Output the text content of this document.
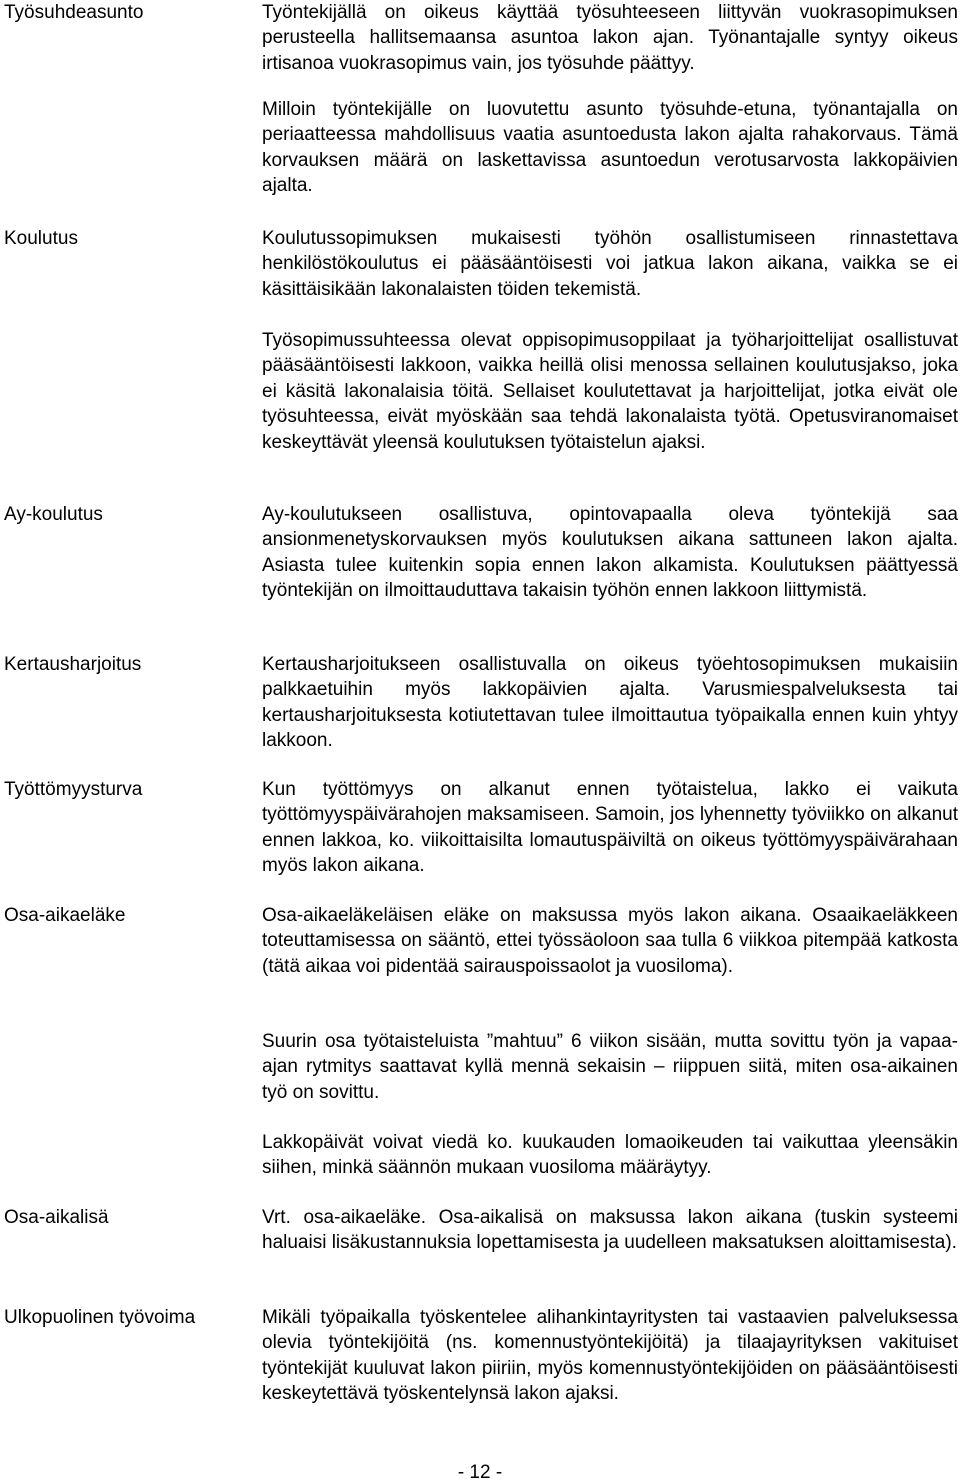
Työsuhdeasunto	Työntekijällä on oikeus käyttää työsuhteeseen liittyvän vuokrasopimuksen perusteella hallitsemaansa asuntoa lakon ajan. Työnantajalle syntyy oikeus irtisanoa vuokrasopimus vain, jos työsuhde päättyy.

Milloin työntekijälle on luovutettu asunto työsuhde-etuna, työnantajalla on periaatteessa mahdollisuus vaatia asuntoedusta lakon ajalta rahakorvaus. Tämä korvauksen määrä on laskettavissa asuntoedun verotusarvosta lakkopäivien ajalta.

Koulutus	Koulutussopimuksen mukaisesti työhön osallistumiseen rinnastettava henkilöstökoulutus ei pääsääntöisesti voi jatkua lakon aikana, vaikka se ei käsittäisikään lakonalaisten töiden tekemistä.

Työsopimussuhteessa olevat oppisopimusoppilaat ja työharjoittelijat osallistuvat pääsääntöisesti lakkoon, vaikka heillä olisi menossa sellainen koulutusjakso, joka ei käsitä lakonalaisia töitä. Sellaiset koulutettavat ja harjoittelijat, jotka eivät ole työsuhteessa, eivät myöskään saa tehdä lakonalaista työtä. Opetusviranomaiset keskeyttävät yleensä koulutuksen työtaistelun ajaksi.

Ay-koulutus	Ay-koulutukseen osallistuva, opintovapaalla oleva työntekijä saa ansionmenetyskorvauksen myös koulutuksen aikana sattuneen lakon ajalta. Asiasta tulee kuitenkin sopia ennen lakon alkamista. Koulutuksen päättyessä työntekijän on ilmoittauduttava takaisin työhön ennen lakkoon liittymistä.

Kertausharjoitus	Kertausharjoitukseen osallistuvalla on oikeus työehtosopimuksen mukaisiin palkkaetuihin myös lakkopäivien ajalta. Varusmiespalveluksesta tai kertausharjoituksesta kotiutettavan tulee ilmoittautua työpaikalla ennen kuin yhtyy lakkoon.

Työttömyysturva	Kun työttömyys on alkanut ennen työtaistelua, lakko ei vaikuta työttömyyspäivärahojen maksamiseen. Samoin, jos lyhennetty työviikko on alkanut ennen lakkoa, ko. viikoittaisilta lomautuspäiviltä on oikeus työttömyyspäivärahaan myös lakon aikana.

Osa-aikaeläke	Osa-aikaeläkeläisen eläke on maksussa myös lakon aikana. Osaaikaeläkkeen toteuttamisessa on sääntö, ettei työssäoloon saa tulla 6 viikkoa pitempää katkosta (tätä aikaa voi pidentää sairauspoissaolot ja vuosiloma).

Suurin osa työtaisteluista ”mahtuu” 6 viikon sisään, mutta sovittu työn ja vapaa-ajan rytmitys saattavat kyllä mennä sekaisin – riippuen siitä, miten osa-aikainen työ on sovittu.

Lakkopäivät voivat viedä ko. kuukauden lomaoikeuden tai vaikuttaa yleensäkin siihen, minkä säännön mukaan vuosiloma määräytyy.

Osa-aikalisä	Vrt. osa-aikaeläke. Osa-aikalisä on maksussa lakon aikana (tuskin systeemi haluaisi lisäkustannuksia lopettamisesta ja uudelleen maksatuksen aloittamisesta).

Ulkopuolinen työvoima	Mikäli työpaikalla työskentelee alihankintayritysten tai vastaavien palveluksessa olevia työntekijöitä (ns. komennustyöntekijöitä) ja tilaajayrityksen vakituiset työntekijät kuuluvat lakon piiriin, myös komennustyöntekijöiden on pääsääntöisesti keskeytettävä työskentelynsä lakon ajaksi.

- 12 -
